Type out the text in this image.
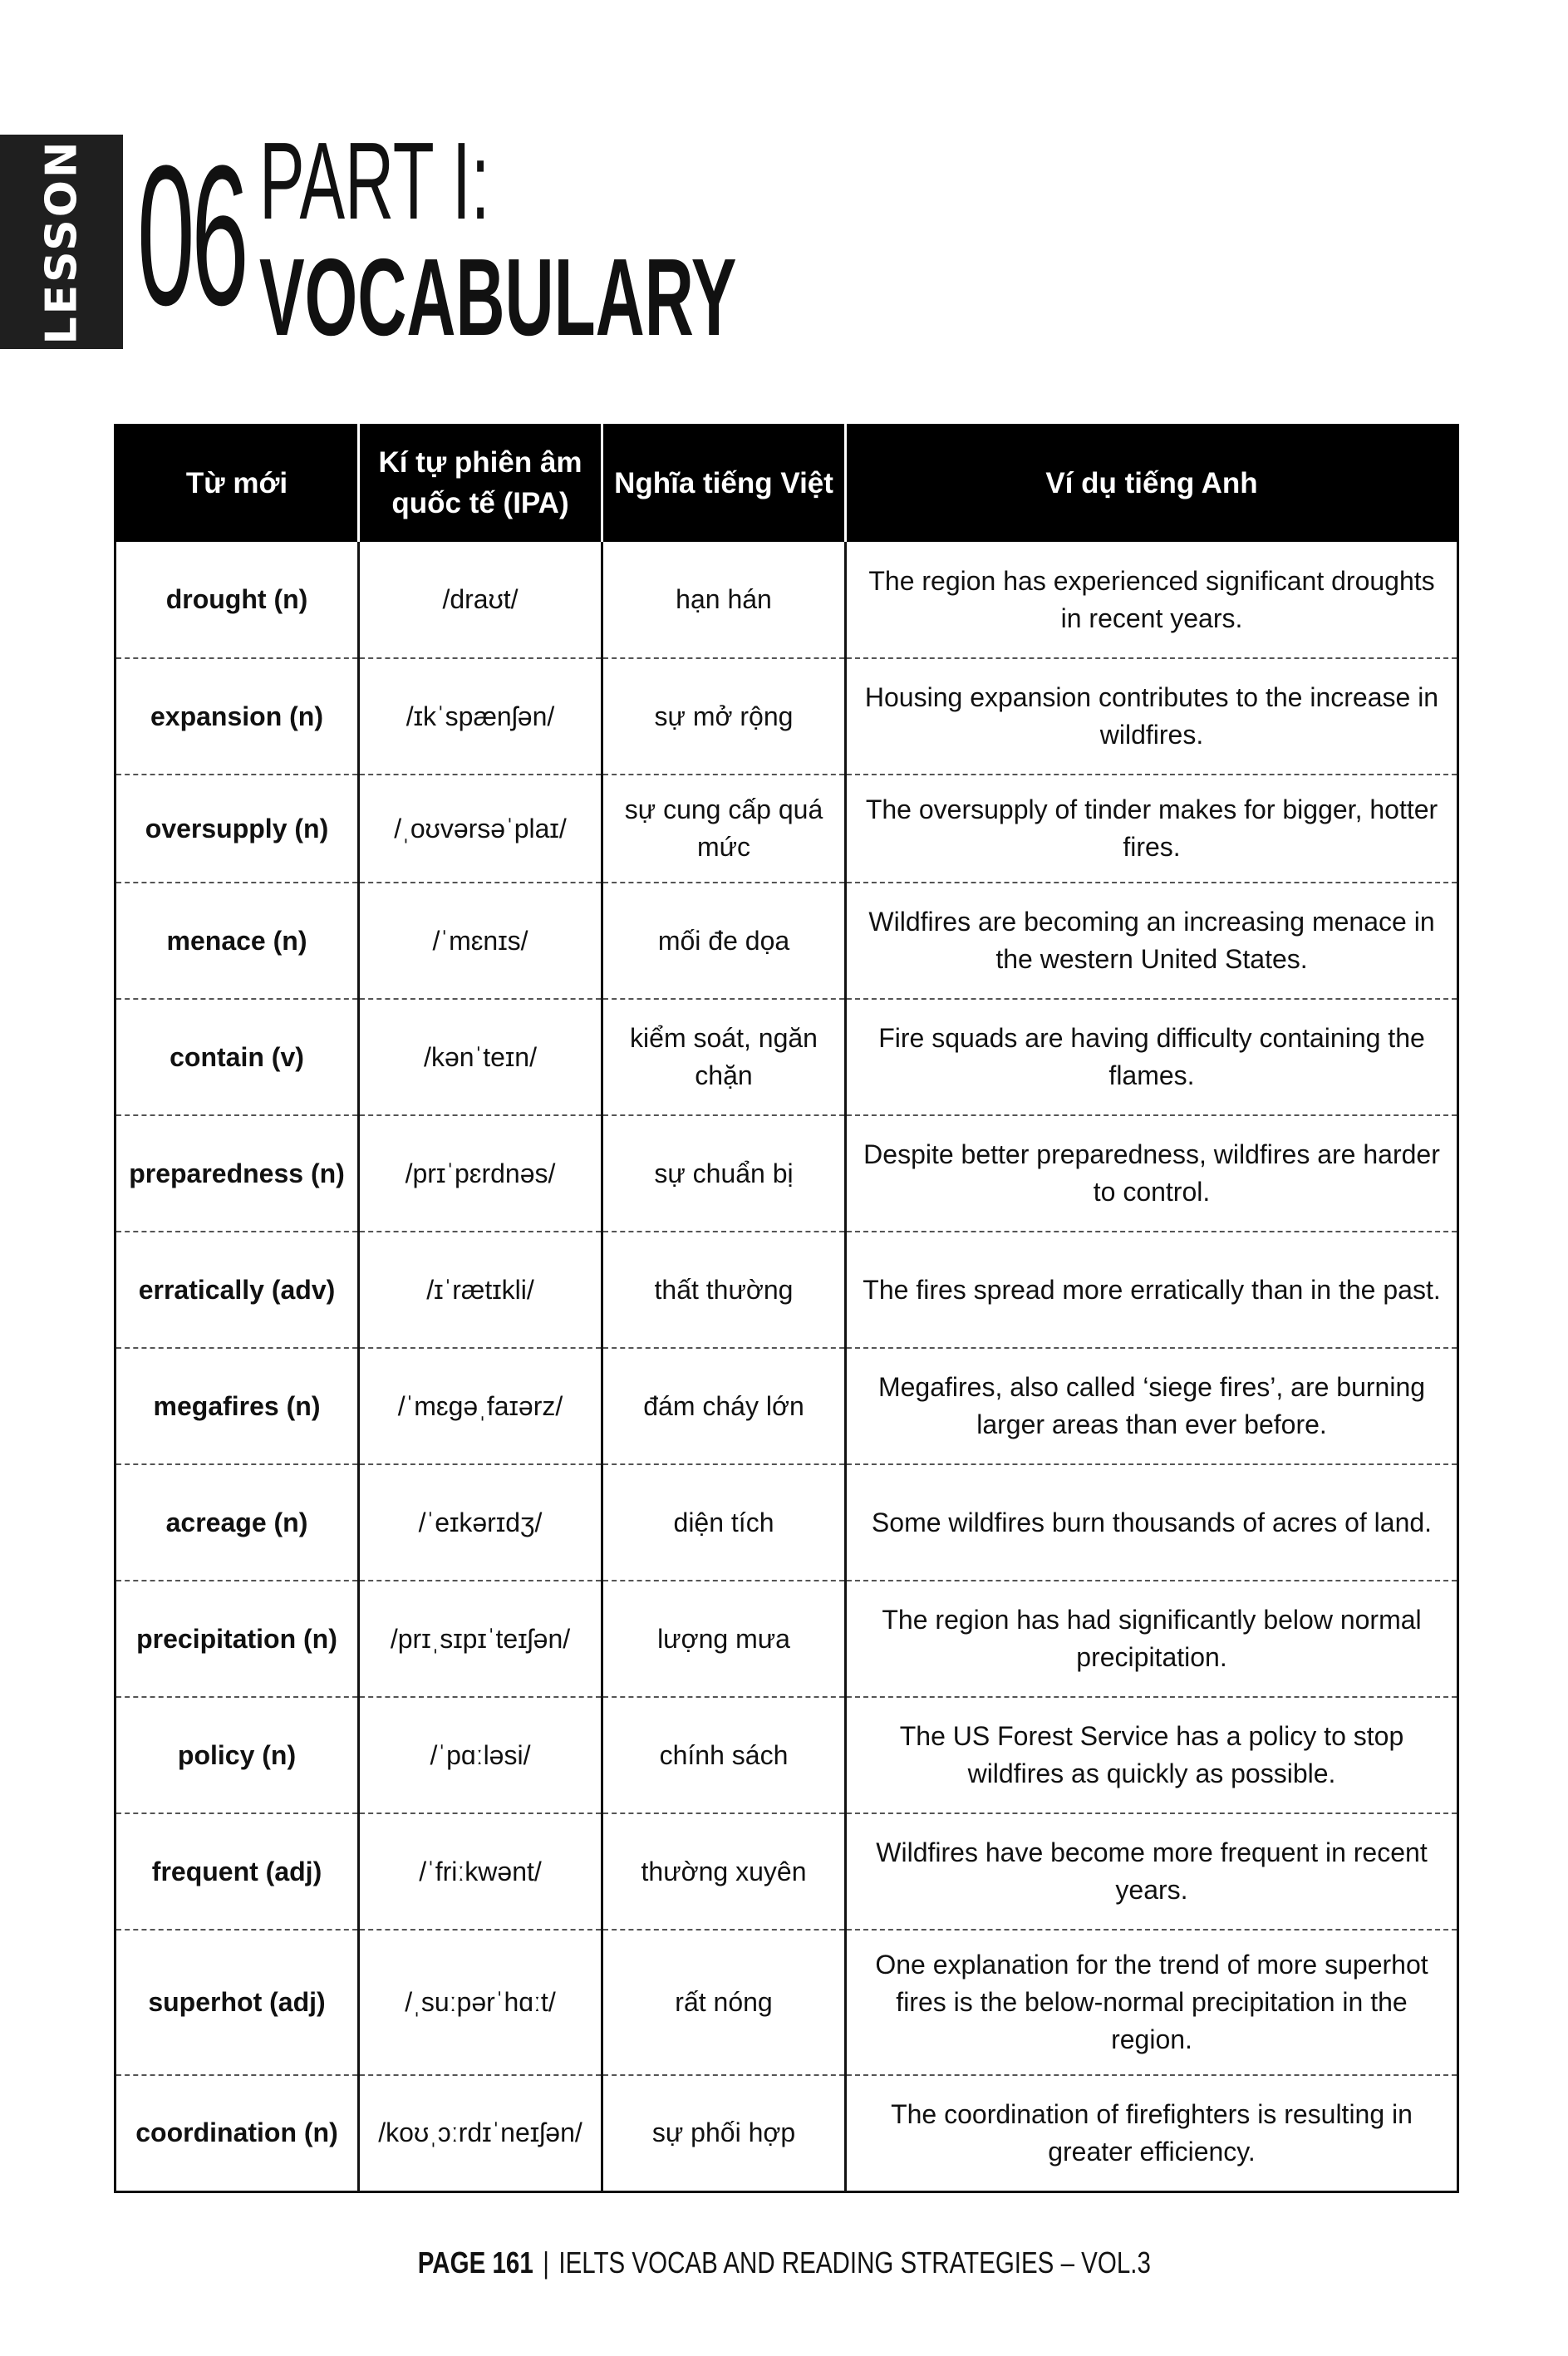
LESSON 06 PART I:
VOCABULARY
Từ mới	Kí tự phiên âm quốc tế (IPA)	Nghĩa tiếng Việt	Ví dụ tiếng Anh
drought (n)	/draʊt/	hạn hán	The region has experienced significant droughts in recent years.
expansion (n)	/ɪkˈspænʃən/	sự mở rộng	Housing expansion contributes to the increase in wildfires.
oversupply (n)	/ˌoʊvərsəˈplaɪ/	sự cung cấp quá mức	The oversupply of tinder makes for bigger, hotter fires.
menace (n)	/ˈmɛnɪs/	mối đe dọa	Wildfires are becoming an increasing menace in the western United States.
contain (v)	/kənˈteɪn/	kiểm soát, ngăn chặn	Fire squads are having difficulty containing the flames.
preparedness (n)	/prɪˈpɛrdnəs/	sự chuẩn bị	Despite better preparedness, wildfires are harder to control.
erratically (adv)	/ɪˈrætɪkli/	thất thường	The fires spread more erratically than in the past.
megafires (n)	/ˈmɛɡəˌfaɪərz/	đám cháy lớn	Megafires, also called ‘siege fires’, are burning larger areas than ever before.
acreage (n)	/ˈeɪkərɪdʒ/	diện tích	Some wildfires burn thousands of acres of land.
precipitation (n)	/prɪˌsɪpɪˈteɪʃən/	lượng mưa	The region has had significantly below normal precipitation.
policy (n)	/ˈpɑːləsi/	chính sách	The US Forest Service has a policy to stop wildfires as quickly as possible.
frequent (adj)	/ˈfriːkwənt/	thường xuyên	Wildfires have become more frequent in recent years.
superhot (adj)	/ˌsuːpərˈhɑːt/	rất nóng	One explanation for the trend of more superhot fires is the below-normal precipitation in the region.
coordination (n)	/koʊˌɔːrdɪˈneɪʃən/	sự phối hợp	The coordination of firefighters is resulting in greater efficiency.
PAGE 161 | IELTS VOCAB AND READING STRATEGIES – VOL.3
